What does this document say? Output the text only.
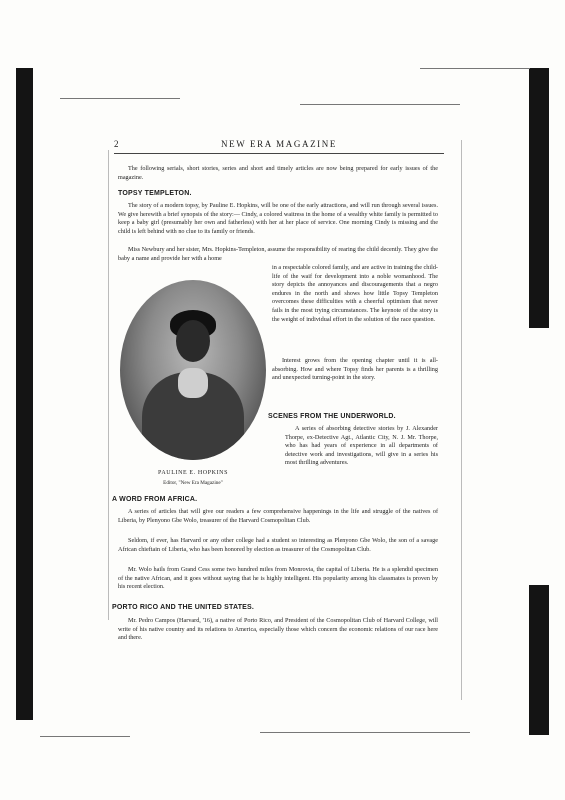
2	NEW ERA MAGAZINE

The following serials, short stories, series and short and timely articles are now being prepared for early issues of the magazine.

TOPSY TEMPLETON.

The story of a modern topsy, by Pauline E. Hopkins, will be one of the early attractions, and will run through several issues. We give herewith a brief synopsis of the story:— Cindy, a colored waitress in the home of a wealthy white family is permitted to keep a baby girl (presumably her own and fatherless) with her at her place of service. One morning Cindy is missing and the child is left behind with no clue to its family or friends.

Miss Newbury and her sister, Mrs. Hopkins-Templeton, assume the responsibility of rearing the child decently. They give the baby a name and provide her with a home

in a respectable colored family, and are active in training the child-life of the waif for development into a noble womanhood. The story depicts the annoyances and discouragements that a negro endures in the north and shows how little Topsy Templeton overcomes these difficulties with a cheerful optimism that never fails in the most trying circumstances. The keynote of the story is the weight of individual effort in the solution of the race question.

Interest grows from the opening chapter until it is all-absorbing. How and where Topsy finds her parents is a thrilling and unexpected turning-point in the story.

PAULINE E. HOPKINS

Editor, "New Era Magazine"

SCENES FROM THE UNDERWORLD.

A series of absorbing detective stories by J. Alexander Thorpe, ex-Detective Agt., Atlantic City, N. J. Mr. Thorpe, who has had years of experience in all departments of detective work and investigations, will give in a series his most thrilling adventures.

A WORD FROM AFRICA.

A series of articles that will give our readers a few comprehensive happenings in the life and struggle of the natives of Liberia, by Plenyono Gbe Wolo, treasurer of the Harvard Cosmopolitan Club.

Seldom, if ever, has Harvard or any other college had a student so interesting as Plenyono Gbe Wolo, the son of a savage African chieftain of Liberia, who has been honored by election as treasurer of the Cosmopolitan Club.

Mr. Wolo hails from Grand Cess some two hundred miles from Monrovia, the capital of Liberia. He is a splendid specimen of the native African, and it goes without saying that he is highly intelligent. His popularity among his classmates is proven by his recent election.

PORTO RICO AND THE UNITED STATES.

Mr. Pedro Campos (Harvard, '16), a native of Porto Rico, and President of the Cosmopolitan Club of Harvard College, will write of his native country and its relations to America, especially those which concern the economic relations of our race here and there.
